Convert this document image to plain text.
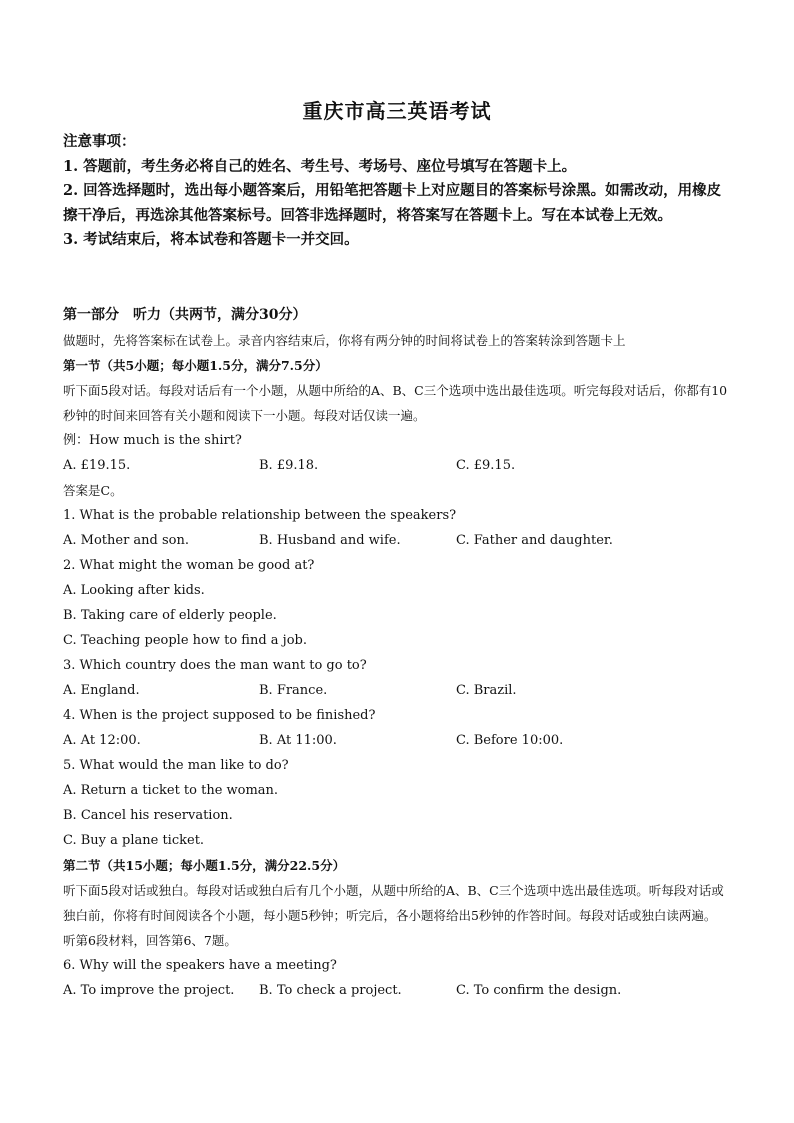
重庆市高三英语考试

注意事项：

1. 答题前，考生务必将自己的姓名、考生号、考场号、座位号填写在答题卡上。

2. 回答选择题时，选出每小题答案后，用铅笔把答题卡上对应题目的答案标号涂黑。如需改动，用橡皮擦干净后，再选涂其他答案标号。回答非选择题时，将答案写在答题卡上。写在本试卷上无效。

3. 考试结束后，将本试卷和答题卡一并交回。

第一部分　听力（共两节，满分30分）

做题时，先将答案标在试卷上。录音内容结束后，你将有两分钟的时间将试卷上的答案转涂到答题卡上

第一节（共5小题；每小题1.5分，满分7.5分）

听下面5段对话。每段对话后有一个小题，从题中所给的A、B、C三个选项中选出最佳选项。听完每段对话后，你都有10秒钟的时间来回答有关小题和阅读下一小题。每段对话仅读一遍。

例：How much is the shirt?

A. £19.15.	B. £9.18.	C. £9.15.

答案是C。

1. What is the probable relationship between the speakers?

A. Mother and son.	B. Husband and wife.	C. Father and daughter.

2. What might the woman be good at?

A. Looking after kids.

B. Taking care of elderly people.

C. Teaching people how to find a job.

3. Which country does the man want to go to?

A. England.	B. France.	C. Brazil.

4. When is the project supposed to be finished?

A. At 12:00.	B. At 11:00.	C. Before 10:00.

5. What would the man like to do?

A. Return a ticket to the woman.

B. Cancel his reservation.

C. Buy a plane ticket.

第二节（共15小题；每小题1.5分，满分22.5分）

听下面5段对话或独白。每段对话或独白后有几个小题，从题中所给的A、B、C三个选项中选出最佳选项。听每段对话或独白前，你将有时间阅读各个小题，每小题5秒钟；听完后，各小题将给出5秒钟的作答时间。每段对话或独白读两遍。

听第6段材料，回答第6、7题。

6. Why will the speakers have a meeting?

A. To improve the project.	B. To check a project.	C. To confirm the design.
